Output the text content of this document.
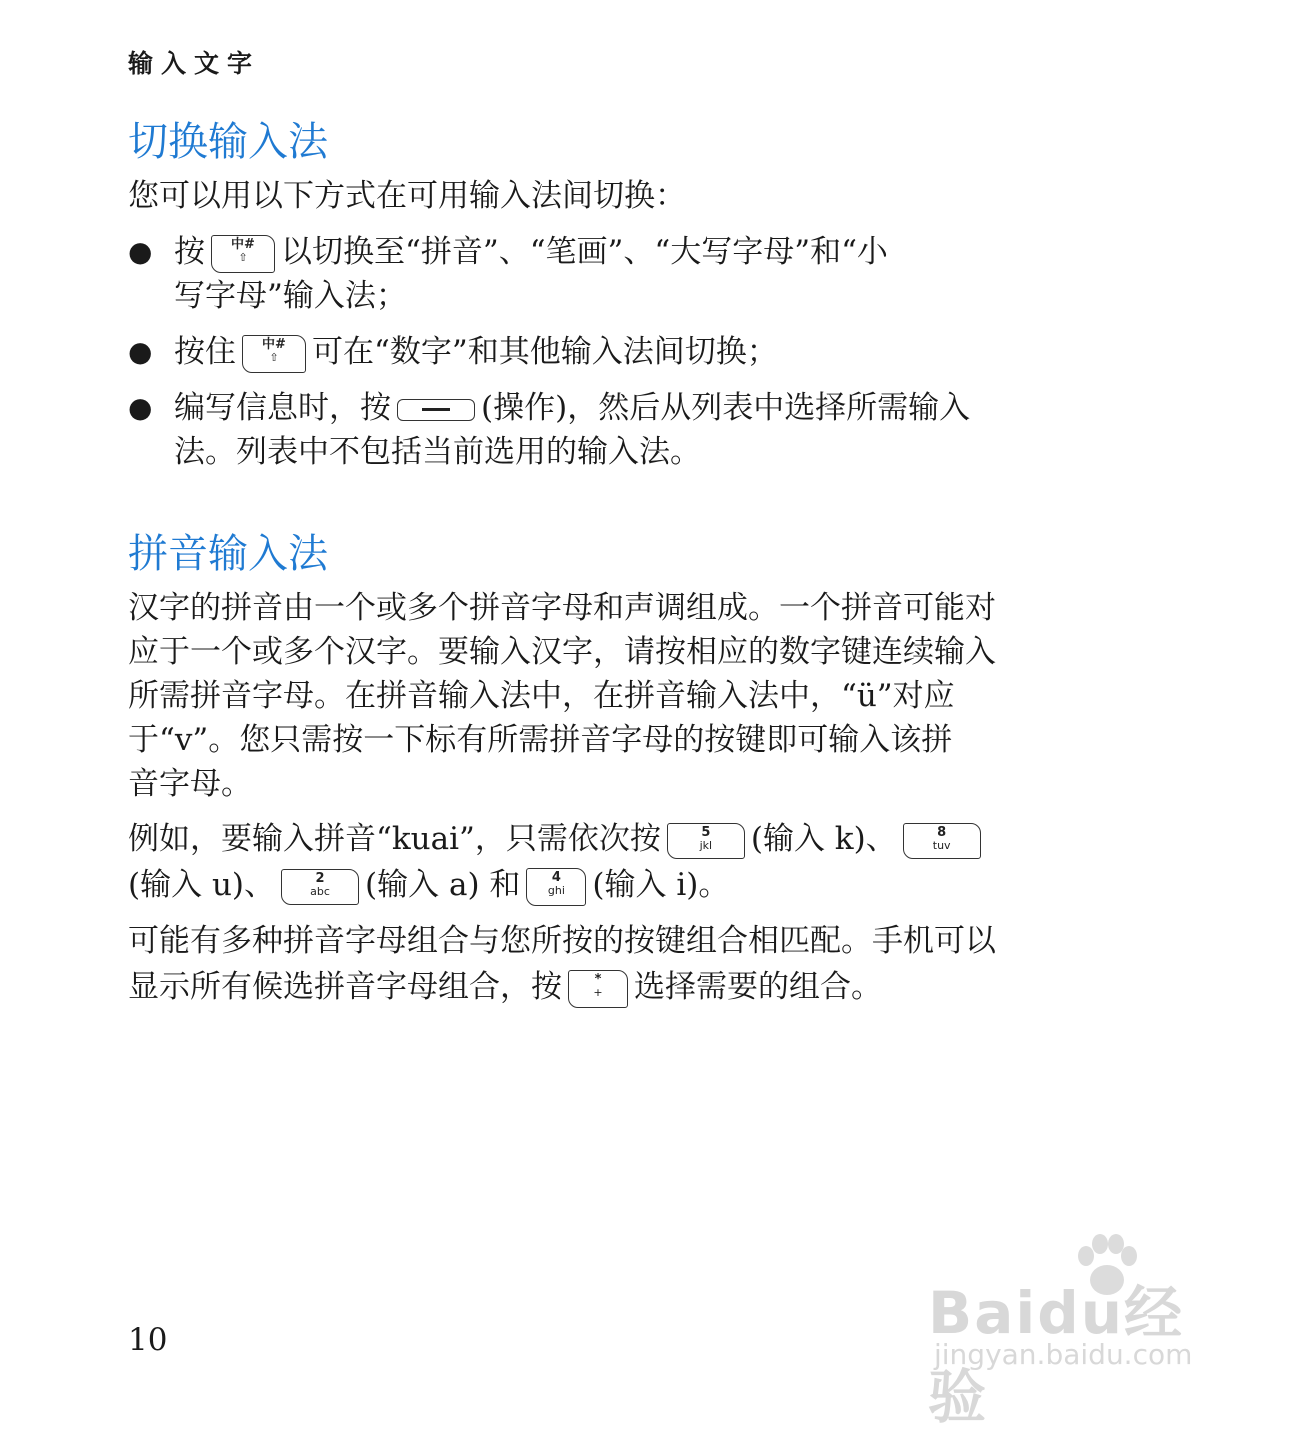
输入文字
切换输入法

您可以用以下方式在可用输入法间切换：

● 按	中#
⇧	以切换至“拼音”、“笔画”、“大写字母”和“小
写字母”输入法；
● 按住	中#
⇧	可在“数字”和其他输入法间切换；
● 编写信息时，按	(操作)，然后从列表中选择所需输入
法。列表中不包括当前选用的输入法。
拼音输入法

汉字的拼音由一个或多个拼音字母和声调组成。一个拼音可能对
应于一个或多个汉字。要输入汉字，请按相应的数字键连续输入
所需拼音字母。在拼音输入法中，在拼音输入法中，“ü”对应
于“v”。您只需按一下标有所需拼音字母的按键即可输入该拼
音字母。

例如，要输入拼音“kuai”，只需依次按	5
jkl	(输入 k)、	8
tuv

(输入 u)、	2
abc	(输入 a) 和	4
ghi (输入 i)。

可能有多种拼音字母组合与您所按的按键组合相匹配。手机可以
显示所有候选拼音字母组合，按	*
+	选择需要的组合。

Baidu经验
jingyan.baidu.com
10
